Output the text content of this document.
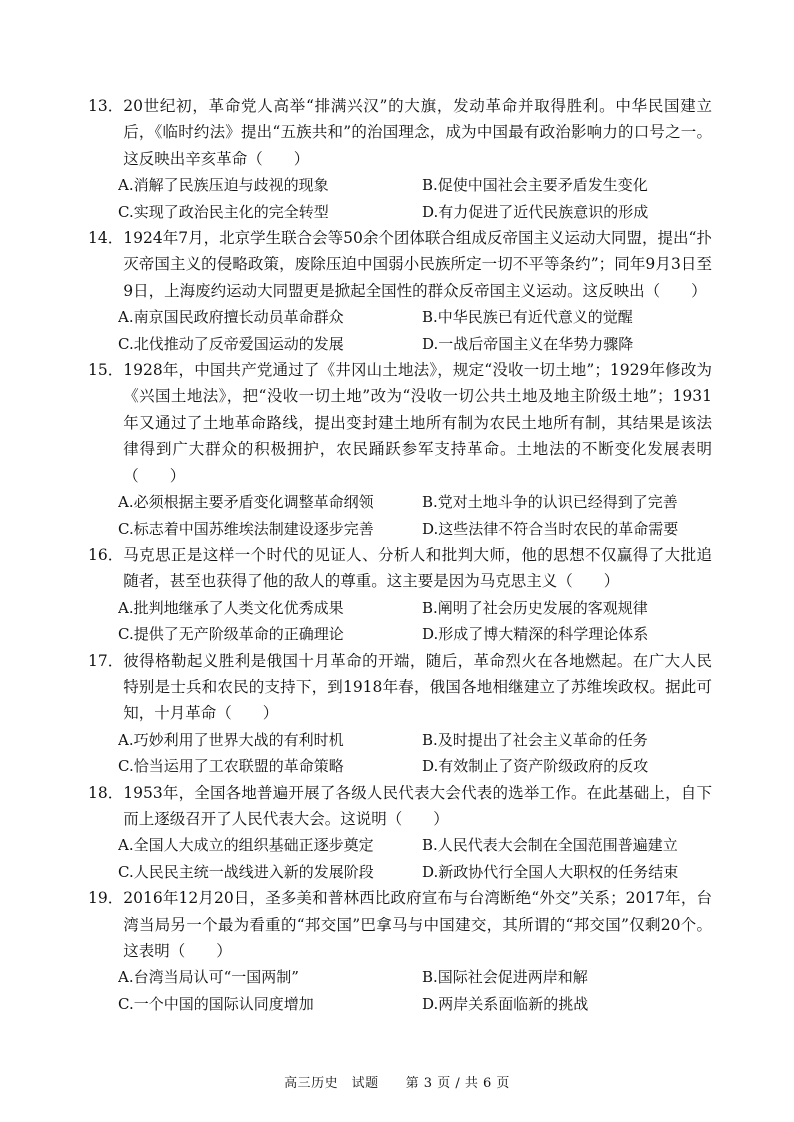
13． 20世纪初，革命党人高举“排满兴汉”的大旗，发动革命并取得胜利。中华民国建立后，《临时约法》提出“五族共和”的治国理念，成为中国最有政治影响力的口号之一。这反映出辛亥革命（　　）
A.消解了民族压迫与歧视的现象	B.促使中国社会主要矛盾发生变化
C.实现了政治民主化的完全转型	D.有力促进了近代民族意识的形成
14． 1924年7月，北京学生联合会等50余个团体联合组成反帝国主义运动大同盟，提出“扑灭帝国主义的侵略政策，废除压迫中国弱小民族所定一切不平等条约”；同年9月3日至9日，上海废约运动大同盟更是掀起全国性的群众反帝国主义运动。这反映出（　　）
A.南京国民政府擅长动员革命群众	B.中华民族已有近代意义的觉醒
C.北伐推动了反帝爱国运动的发展	D.一战后帝国主义在华势力骤降
15． 1928年，中国共产党通过了《井冈山土地法》，规定“没收一切土地”；1929年修改为《兴国土地法》，把“没收一切土地”改为“没收一切公共土地及地主阶级土地”；1931年又通过了土地革命路线，提出变封建土地所有制为农民土地所有制，其结果是该法律得到广大群众的积极拥护，农民踊跃参军支持革命。土地法的不断变化发展表明（　　）
A.必须根据主要矛盾变化调整革命纲领	B.党对土地斗争的认识已经得到了完善
C.标志着中国苏维埃法制建设逐步完善	D.这些法律不符合当时农民的革命需要
16． 马克思正是这样一个时代的见证人、分析人和批判大师，他的思想不仅赢得了大批追随者，甚至也获得了他的敌人的尊重。这主要是因为马克思主义（　　）
A.批判地继承了人类文化优秀成果	B.阐明了社会历史发展的客观规律
C.提供了无产阶级革命的正确理论	D.形成了博大精深的科学理论体系
17． 彼得格勒起义胜利是俄国十月革命的开端，随后，革命烈火在各地燃起。在广大人民特别是士兵和农民的支持下，到1918年春，俄国各地相继建立了苏维埃政权。据此可知，十月革命（　　）
A.巧妙利用了世界大战的有利时机	B.及时提出了社会主义革命的任务
C.恰当运用了工农联盟的革命策略	D.有效制止了资产阶级政府的反攻
18． 1953年，全国各地普遍开展了各级人民代表大会代表的选举工作。在此基础上，自下而上逐级召开了人民代表大会。这说明（　　）
A.全国人大成立的组织基础正逐步奠定	B.人民代表大会制在全国范围普遍建立
C.人民民主统一战线进入新的发展阶段	D.新政协代行全国人大职权的任务结束
19． 2016年12月20日，圣多美和普林西比政府宣布与台湾断绝“外交”关系；2017年，台湾当局另一个最为看重的“邦交国”巴拿马与中国建交，其所谓的“邦交国”仅剩20个。这表明（　　）
A.台湾当局认可“一国两制”	B.国际社会促进两岸和解
C.一个中国的国际认同度增加	D.两岸关系面临新的挑战
高三历史　试题　　 第 3 页 / 共 6 页
